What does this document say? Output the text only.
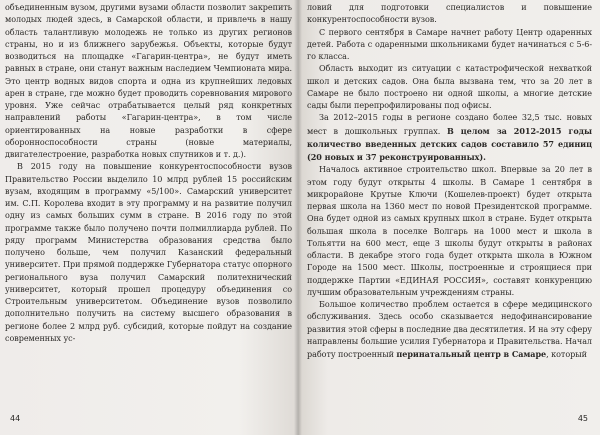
объединенным вузом, другими вузами области позволит закрепить молодых людей здесь, в Самарской области, и привлечь в нашу область талантливую молодежь не только из других регионов страны, но и из ближнего зарубежья. Объекты, которые будут возводиться на площадке «Гагарин-центра», не будут иметь равных в стране, они станут важным наследием Чемпионата мира. Это центр водных видов спорта и одна из крупнейших ледовых арен в стране, где можно будет проводить соревнования мирового уровня. Уже сейчас отрабатывается целый ряд конкретных направлений работы «Гагарин-центра», в том числе ориентированных на новые разработки в сфере оборонноспособности страны (новые материалы, двигателестроение, разработка новых спутников и т. д.).

В 2015 году на повышение конкурентоспособности вузов Правительство России выделило 10 млрд рублей 15 российским вузам, входящим в программу «5/100». Самарский университет им. С.П. Королева входит в эту программу и на развитие получил одну из самых больших сумм в стране. В 2016 году по этой программе также было получено почти полмиллиарда рублей. По ряду программ Министерства образования средства было получено больше, чем получил Казанский федеральный университет. При прямой поддержке Губернатора статус опорного регионального вуза получил Самарский политехнический университет, который прошел процедуру объединения со Строительным университетом. Объединение вузов позволило дополнительно получить на систему высшего образования в регионе более 2 млрд руб. субсидий, которые пойдут на создание современных ус-

44

ловий для подготовки специалистов и повышение конкурентоспособности вузов.

С первого сентября в Самаре начнет работу Центр одаренных детей. Работа с одаренными школьниками будет начинаться с 5-6-го класса.

Область выходит из ситуации с катастрофической нехваткой школ и детских садов. Она была вызвана тем, что за 20 лет в Самаре не было построено ни одной школы, а многие детские сады были перепрофилированы под офисы.

За 2012–2015 годы в регионе создано более 32,5 тыс. новых мест в дошкольных группах. В целом за 2012-2015 годы количество введенных детских садов составило 57 единиц (20 новых и 37 реконструированных).

Началось активное строительство школ. Впервые за 20 лет в этом году будут открыты 4 школы. В Самаре 1 сентября в микрорайоне Крутые Ключи (Кошелев-проект) будет открыта первая школа на 1360 мест по новой Президентской программе. Она будет одной из самых крупных школ в стране. Будет открыта большая школа в поселке Волгарь на 1000 мест и школа в Тольятти на 600 мест, еще 3 школы будут открыты в районах области. В декабре этого года будет открыта школа в Южном Городе на 1500 мест. Школы, построенные и строящиеся при поддержке Партии «ЕДИНАЯ РОССИЯ», составят конкуренцию лучшим образовательным учреждениям страны.

Большое количество проблем остается в сфере медицинского обслуживания. Здесь особо сказывается недофинансирование развития этой сферы в последние два десятилетия. И на эту сферу направлены большие усилия Губернатора и Правительства. Начал работу построенный перинатальный центр в Самаре, который

45
